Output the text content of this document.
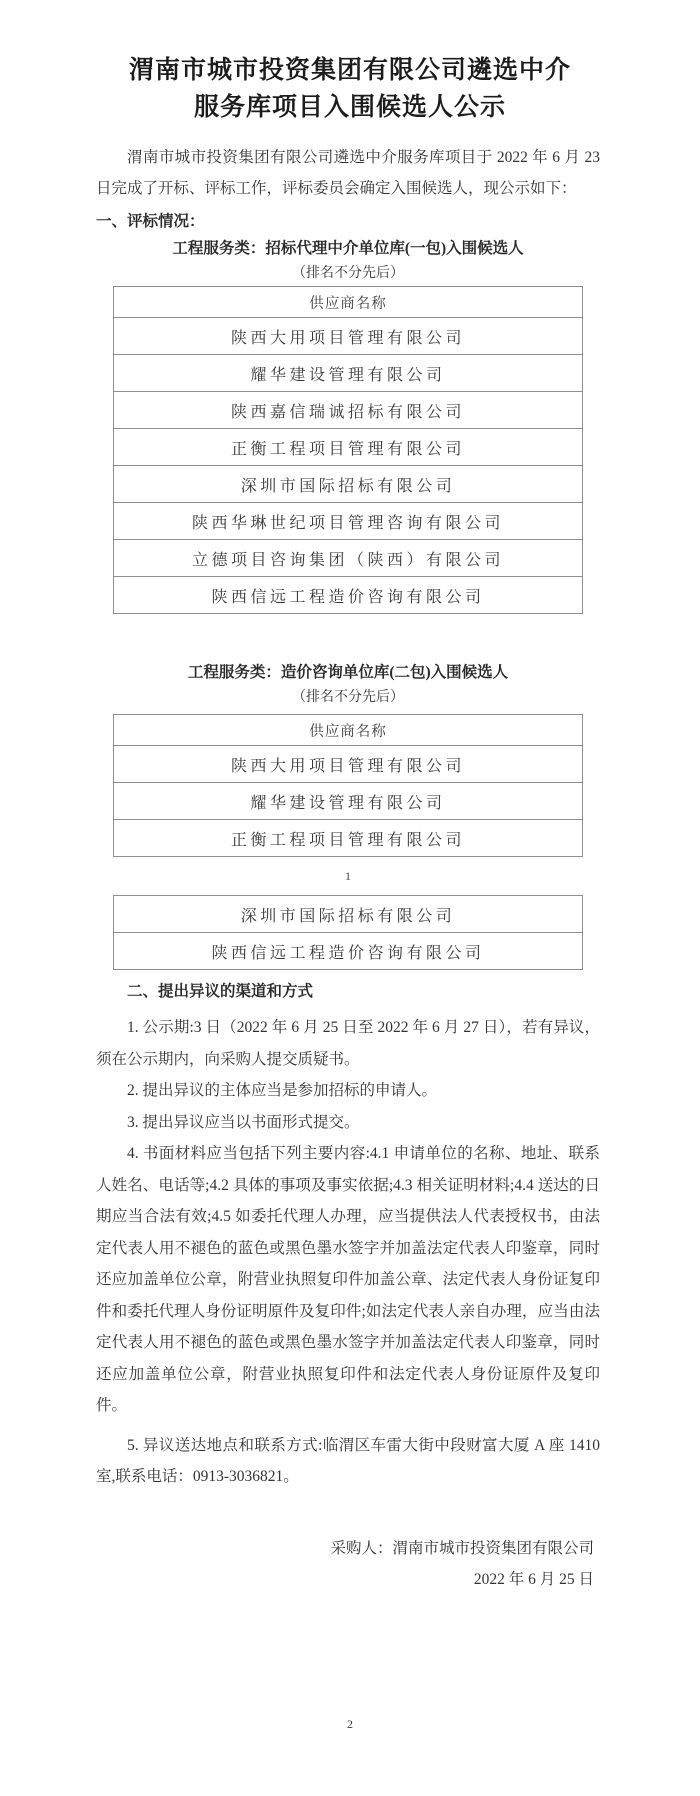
渭南市城市投资集团有限公司遴选中介
服务库项目入围候选人公示

渭南市城市投资集团有限公司遴选中介服务库项目于 2022 年 6 月 23 日完成了开标、评标工作，评标委员会确定入围候选人，现公示如下：

一、评标情况：
工程服务类：招标代理中介单位库(一包)入围候选人
（排名不分先后）
供应商名称
陕西大用项目管理有限公司
耀华建设管理有限公司
陕西嘉信瑞诚招标有限公司
正衡工程项目管理有限公司
深圳市国际招标有限公司
陕西华琳世纪项目管理咨询有限公司
立德项目咨询集团（陕西）有限公司
陕西信远工程造价咨询有限公司
工程服务类：造价咨询单位库(二包)入围候选人
（排名不分先后）
供应商名称
陕西大用项目管理有限公司
耀华建设管理有限公司
正衡工程项目管理有限公司
1
深圳市国际招标有限公司
陕西信远工程造价咨询有限公司
二、提出异议的渠道和方式

1. 公示期:3 日（2022 年 6 月 25 日至 2022 年 6 月 27 日），若有异议，须在公示期内，向采购人提交质疑书。

2. 提出异议的主体应当是参加招标的申请人。

3. 提出异议应当以书面形式提交。

4. 书面材料应当包括下列主要内容:4.1 申请单位的名称、地址、联系人姓名、电话等;4.2 具体的事项及事实依据;4.3 相关证明材料;4.4 送达的日期应当合法有效;4.5 如委托代理人办理，应当提供法人代表授权书，由法定代表人用不褪色的蓝色或黑色墨水签字并加盖法定代表人印鉴章，同时还应加盖单位公章，附营业执照复印件加盖公章、法定代表人身份证复印件和委托代理人身份证明原件及复印件;如法定代表人亲自办理，应当由法定代表人用不褪色的蓝色或黑色墨水签字并加盖法定代表人印鉴章，同时还应加盖单位公章，附营业执照复印件和法定代表人身份证原件及复印件。

5. 异议送达地点和联系方式:临渭区车雷大街中段财富大厦 A 座 1410 室,联系电话：0913-3036821。

采购人：渭南市城市投资集团有限公司
2022 年 6 月 25 日
2
